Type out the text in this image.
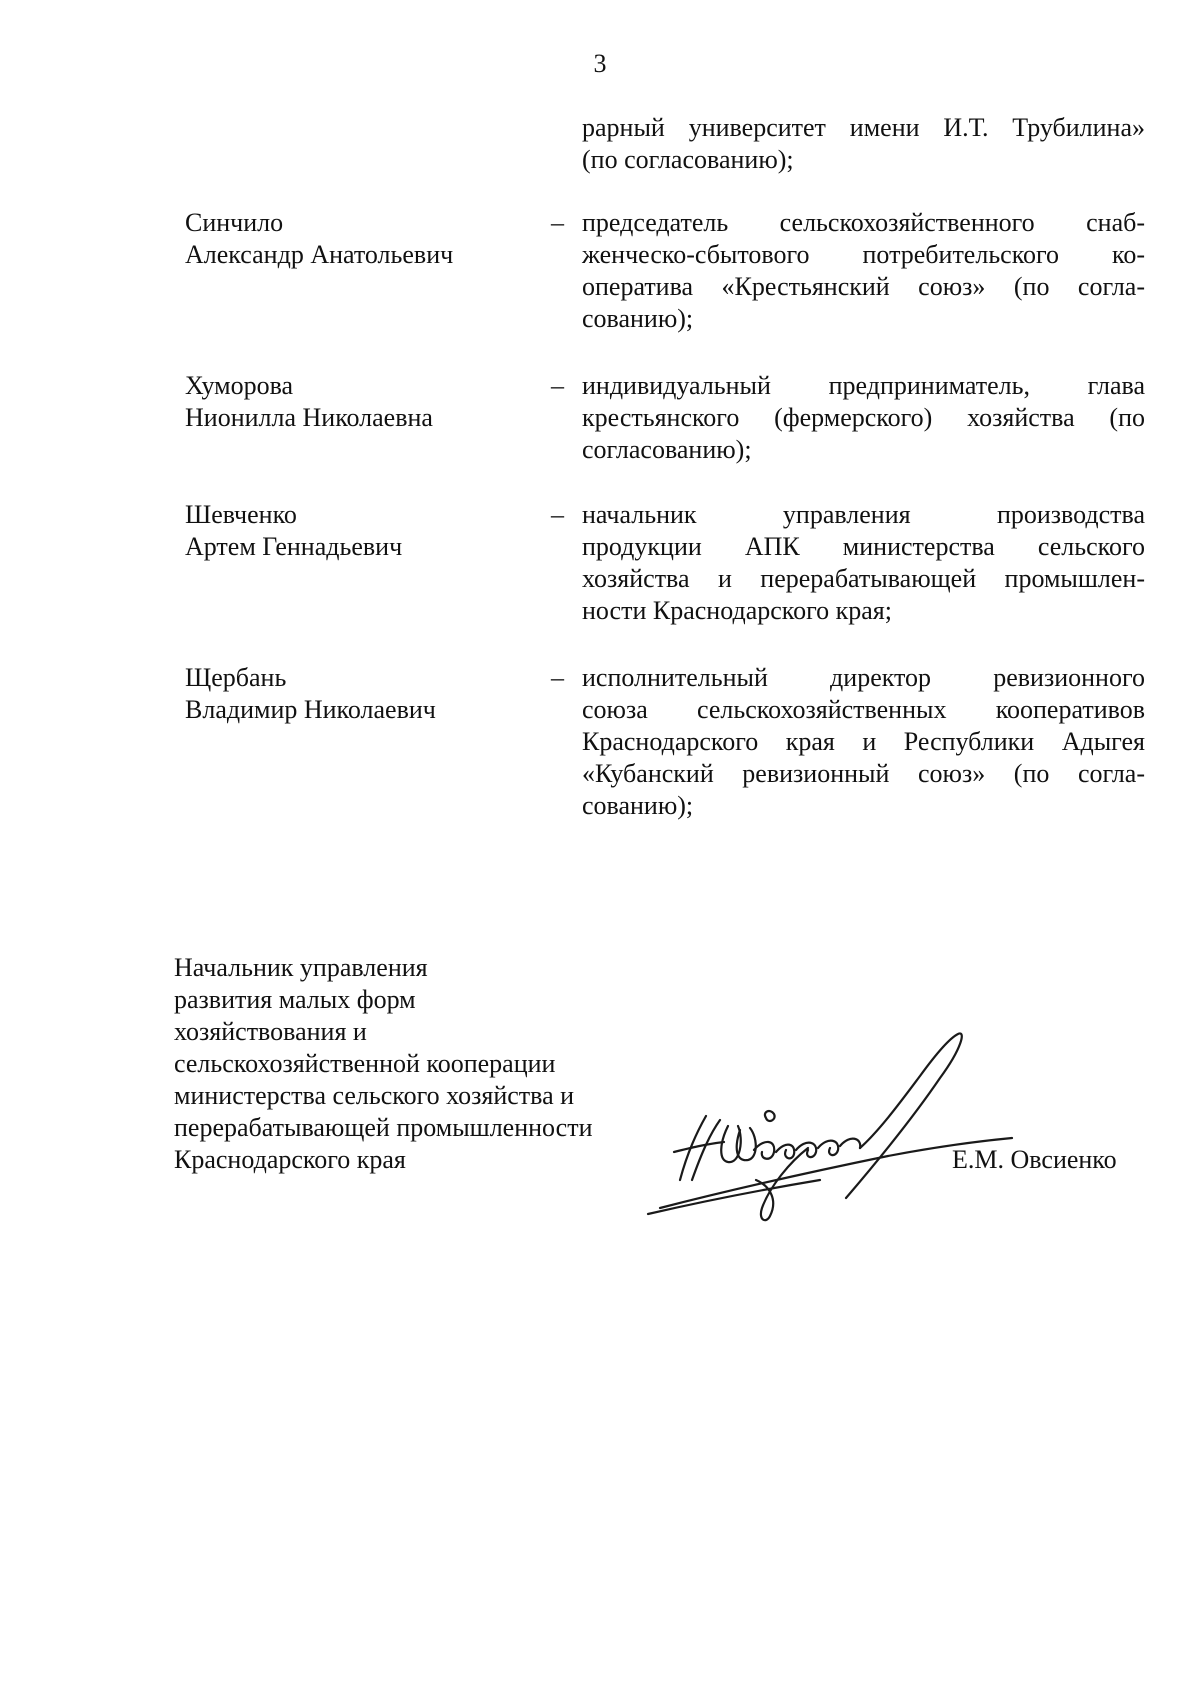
3
рарный университет имени И.Т. Трубилина»
(по согласованию);
Синчило
Александр Анатольевич
– председатель сельскохозяйственного снаб-
женческо-сбытового потребительского ко-
оператива «Крестьянский союз» (по согла-
сованию);
Хуморова
Нионилла Николаевна
– индивидуальный предприниматель, глава
крестьянского (фермерского) хозяйства (по
согласованию);
Шевченко
Артем Геннадьевич
– начальник управления производства
продукции АПК министерства сельского
хозяйства и перерабатывающей промышлен-
ности Краснодарского края;
Щербань
Владимир Николаевич
– исполнительный директор ревизионного
союза сельскохозяйственных кооперативов
Краснодарского края и Республики Адыгея
«Кубанский ревизионный союз» (по согла-
сованию);
Начальник управления
развития малых форм
хозяйствования и
сельскохозяйственной кооперации
министерства сельского хозяйства и
перерабатывающей промышленности
Краснодарского края	Е.М. Овсиенко
